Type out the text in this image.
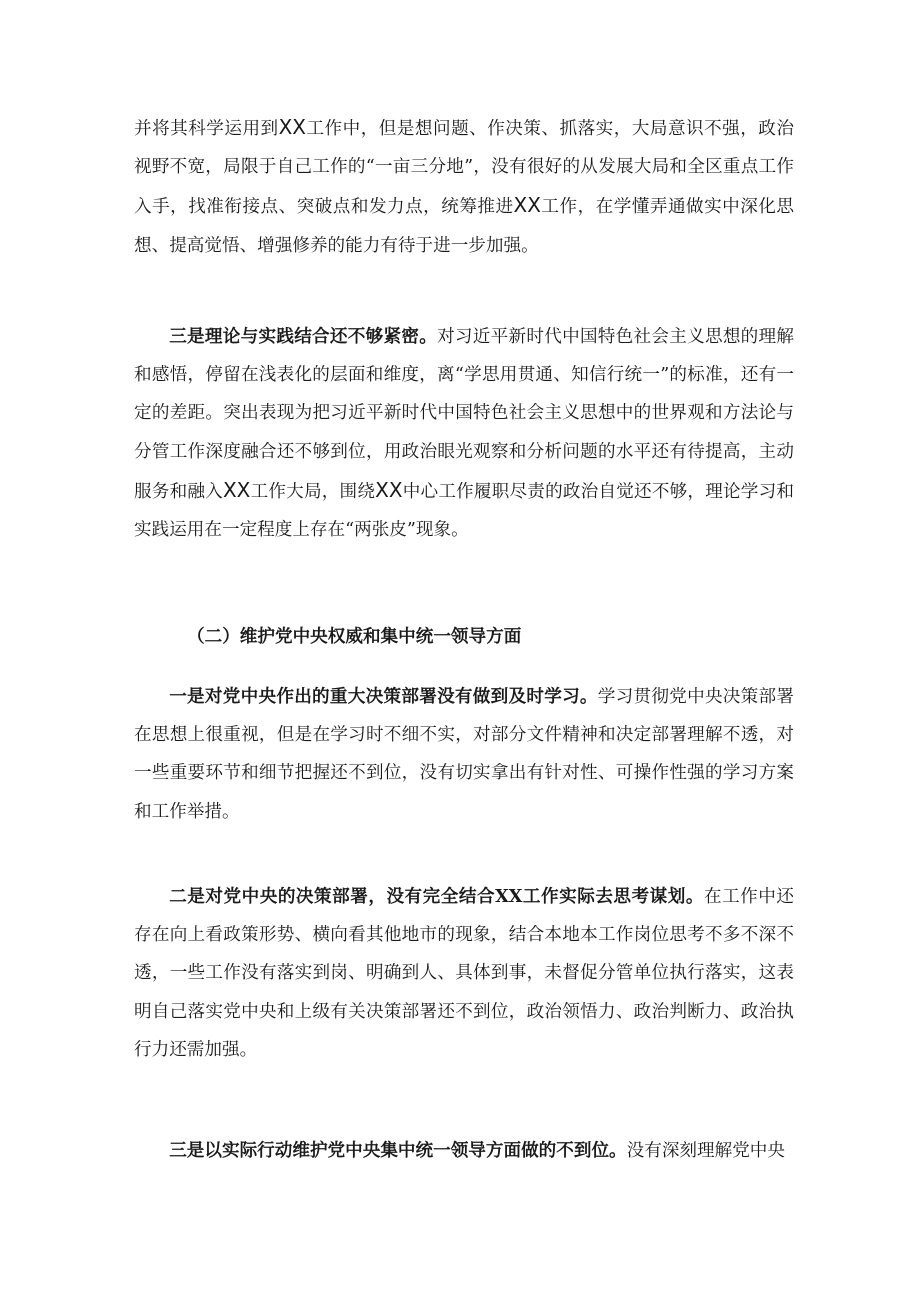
并将其科学运用到XX工作中，但是想问题、作决策、抓落实，大局意识不强，政治视野不宽，局限于自己工作的“一亩三分地”，没有很好的从发展大局和全区重点工作入手，找准衔接点、突破点和发力点，统筹推进XX工作，在学懂弄通做实中深化思想、提高觉悟、增强修养的能力有待于进一步加强。

三是理论与实践结合还不够紧密。对习近平新时代中国特色社会主义思想的理解和感悟，停留在浅表化的层面和维度，离“学思用贯通、知信行统一”的标准，还有一定的差距。突出表现为把习近平新时代中国特色社会主义思想中的世界观和方法论与分管工作深度融合还不够到位，用政治眼光观察和分析问题的水平还有待提高，主动服务和融入XX工作大局，围绕XX中心工作履职尽责的政治自觉还不够，理论学习和实践运用在一定程度上存在“两张皮”现象。

（二）维护党中央权威和集中统一领导方面

一是对党中央作出的重大决策部署没有做到及时学习。学习贯彻党中央决策部署在思想上很重视，但是在学习时不细不实，对部分文件精神和决定部署理解不透，对一些重要环节和细节把握还不到位，没有切实拿出有针对性、可操作性强的学习方案和工作举措。

二是对党中央的决策部署，没有完全结合XX工作实际去思考谋划。在工作中还存在向上看政策形势、横向看其他地市的现象，结合本地本工作岗位思考不多不深不透，一些工作没有落实到岗、明确到人、具体到事，未督促分管单位执行落实，这表明自己落实党中央和上级有关决策部署还不到位，政治领悟力、政治判断力、政治执行力还需加强。

三是以实际行动维护党中央集中统一领导方面做的不到位。没有深刻理解党中央
